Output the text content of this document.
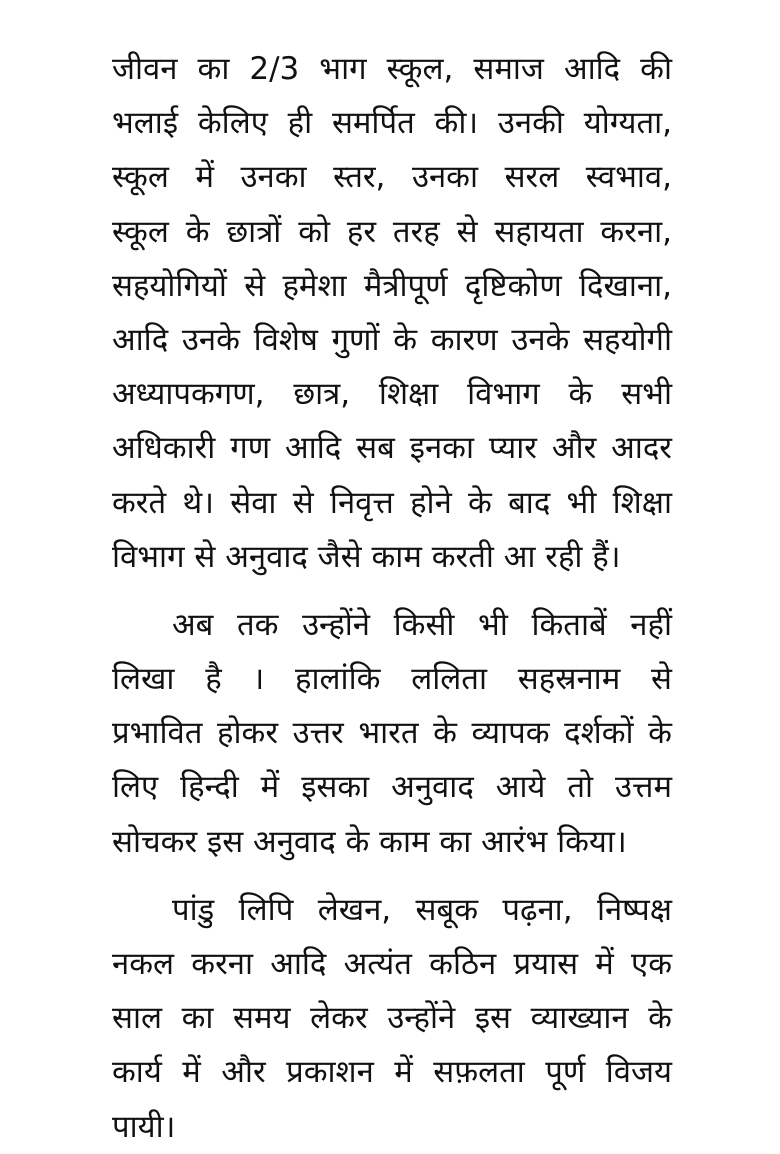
जीवन का 2/3 भाग स्कूल, समाज आदि की
भलाई केलिए ही समर्पित की। उनकी योग्यता,
स्कूल में उनका स्तर, उनका सरल स्वभाव,
स्कूल के छात्रों को हर तरह से सहायता करना,
सहयोगियों से हमेशा मैत्रीपूर्ण दृष्टिकोण दिखाना,
आदि उनके विशेष गुणों के कारण उनके सहयोगी
अध्यापकगण, छात्र, शिक्षा विभाग के सभी
अधिकारी गण आदि सब इनका प्यार और आदर
करते थे। सेवा से निवृत्त होने के बाद भी शिक्षा
विभाग से अनुवाद जैसे काम करती आ रही हैं।
अब तक उन्होंने किसी भी किताबें नहीं
लिखा है । हालांकि ललिता सहस्रनाम से
प्रभावित होकर उत्तर भारत के व्यापक दर्शकों के
लिए हिन्दी में इसका अनुवाद आये तो उत्तम
सोचकर इस अनुवाद के काम का आरंभ किया।
पांडु लिपि लेखन, सबूक पढ़ना, निष्पक्ष
नकल करना आदि अत्यंत कठिन प्रयास में एक
साल का समय लेकर उन्होंने इस व्याख्यान के
कार्य में और प्रकाशन में सफ़लता पूर्ण विजय
पायी।
